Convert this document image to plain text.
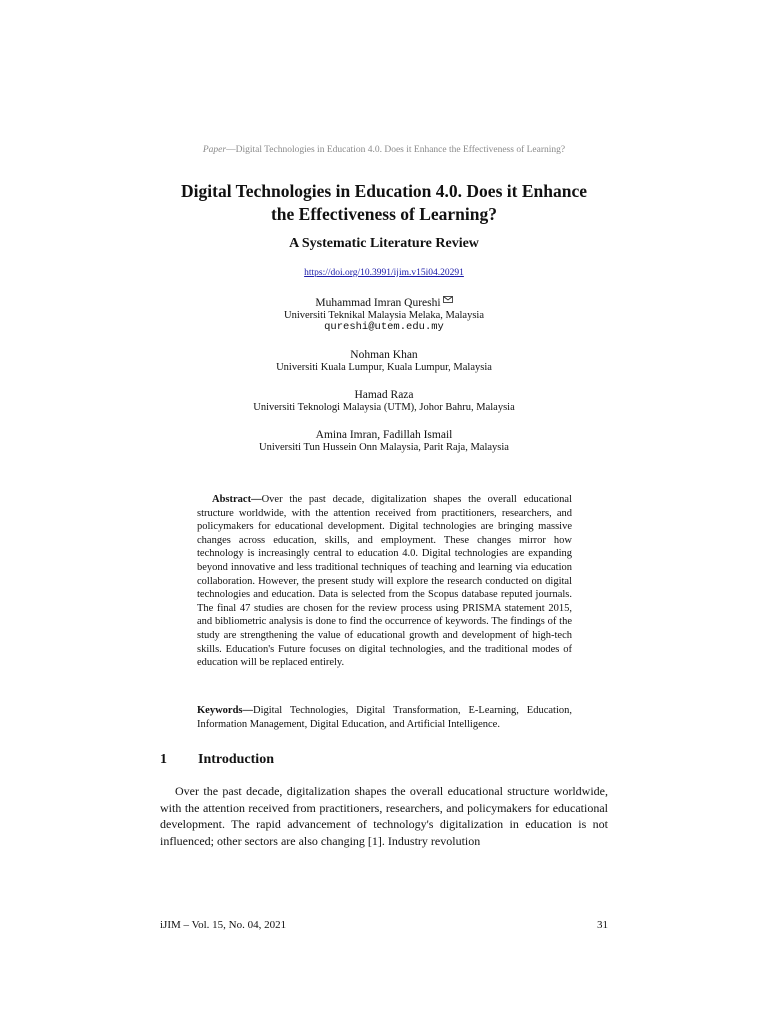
Paper—Digital Technologies in Education 4.0. Does it Enhance the Effectiveness of Learning?
Digital Technologies in Education 4.0. Does it Enhance
the Effectiveness of Learning?
A Systematic Literature Review
https://doi.org/10.3991/ijim.v15i04.20291
Muhammad Imran Qureshi
Universiti Teknikal Malaysia Melaka, Malaysia
qureshi@utem.edu.my
Nohman Khan
Universiti Kuala Lumpur, Kuala Lumpur, Malaysia
Hamad Raza
Universiti Teknologi Malaysia (UTM), Johor Bahru, Malaysia
Amina Imran, Fadillah Ismail
Universiti Tun Hussein Onn Malaysia, Parit Raja, Malaysia

Abstract—Over the past decade, digitalization shapes the overall educational structure worldwide, with the attention received from practitioners, researchers, and policymakers for educational development. Digital technologies are bringing massive changes across education, skills, and employment. These changes mirror how technology is increasingly central to education 4.0. Digital technologies are expanding beyond innovative and less traditional techniques of teaching and learning via education collaboration. However, the present study will explore the research conducted on digital technologies and education. Data is selected from the Scopus database reputed journals. The final 47 studies are chosen for the review process using PRISMA statement 2015, and bibliometric analysis is done to find the occurrence of keywords. The findings of the study are strengthening the value of educational growth and development of high-tech skills. Education's Future focuses on digital technologies, and the traditional modes of education will be replaced entirely.

Keywords—Digital Technologies, Digital Transformation, E-Learning, Education, Information Management, Digital Education, and Artificial Intelligence.
1 Introduction

Over the past decade, digitalization shapes the overall educational structure worldwide, with the attention received from practitioners, researchers, and policymakers for educational development. The rapid advancement of technology's digitalization in education is not influenced; other sectors are also changing [1]. Industry revolution

iJIM – Vol. 15, No. 04, 2021	31
